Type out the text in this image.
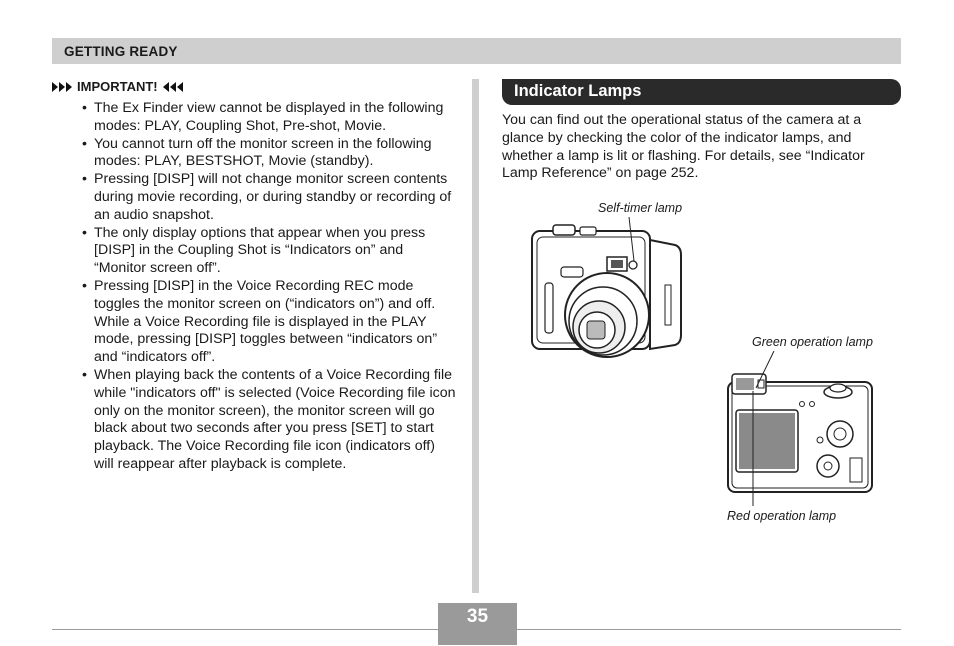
GETTING READY
IMPORTANT!
• The Ex Finder view cannot be displayed in the following modes: PLAY, Coupling Shot, Pre-shot, Movie.
• You cannot turn off the monitor screen in the following modes: PLAY, BESTSHOT, Movie (standby).
• Pressing [DISP] will not change monitor screen contents during movie recording, or during standby or recording of an audio snapshot.
• The only display options that appear when you press [DISP] in the Coupling Shot is “Indicators on” and “Monitor screen off”.
• Pressing [DISP] in the Voice Recording REC mode toggles the monitor screen on (“indicators on”) and off. While a Voice Recording file is displayed in the PLAY mode, pressing [DISP] toggles between “indicators on” and “indicators off”.
• When playing back the contents of a Voice Recording file while "indicators off" is selected (Voice Recording file icon only on the monitor screen), the monitor screen will go black about two seconds after you press [SET] to start playback. The Voice Recording file icon (indicators off) will reappear after playback is complete.
Indicator Lamps

You can find out the operational status of the camera at a glance by checking the color of the indicator lamps, and whether a lamp is lit or flashing. For details, see “Indicator Lamp Reference” on page 252.

Self-timer lamp
Green operation lamp
Red operation lamp
35
